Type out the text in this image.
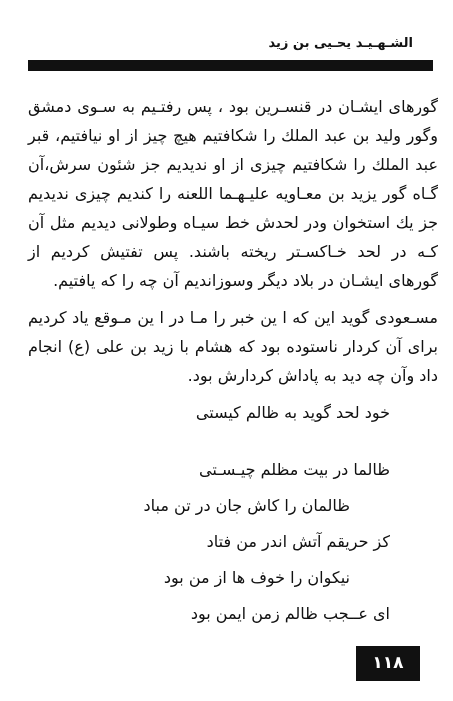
الشـهـيـد يحـيى بن زيد

گورهاى ايشـان در قنسـرين بود ، پس رفتـيم به سـوى دمشق وگور وليد بن عبد الملك را شكافتيم هيچ چيز از او نيافتيم، قبر عبد الملك را شكافتيم چيزى از او نديديم جز شئون سرش،آن گـاه گور يزيد بن معـاويه عليـهـما اللعنه را كنديم چيزى نديديم جز يك استخوان ودر لحدش خط سيـاه وطولانى ديديم مثل آن كـه در لحد خـاكسـتر ريخته باشند. پس تفتيش كرديم از گورهاى ايشـان در بلاد ديگر وسوزانديم آن چه را كه يافتيم.

مسـعودى گويد اين كه ا ين خبر را مـا در ا ين مـوقع ياد كرديم براى آن كردار ناستوده بود كه هشام با زيد بن على (ع) انجام داد وآن چه ديد به پاداش كردارش بود.

خود لحد گويد به ظالم كيستى

ظالما در بيت مظلم چيـسـتى
ظالمان را كاش جان در تن مباد
كز حريقم آتش اندر من فتاد
نيكوان را خوف ها از من بود
اى عــجب ظالم زمن ايمن بود
۱۱۸
